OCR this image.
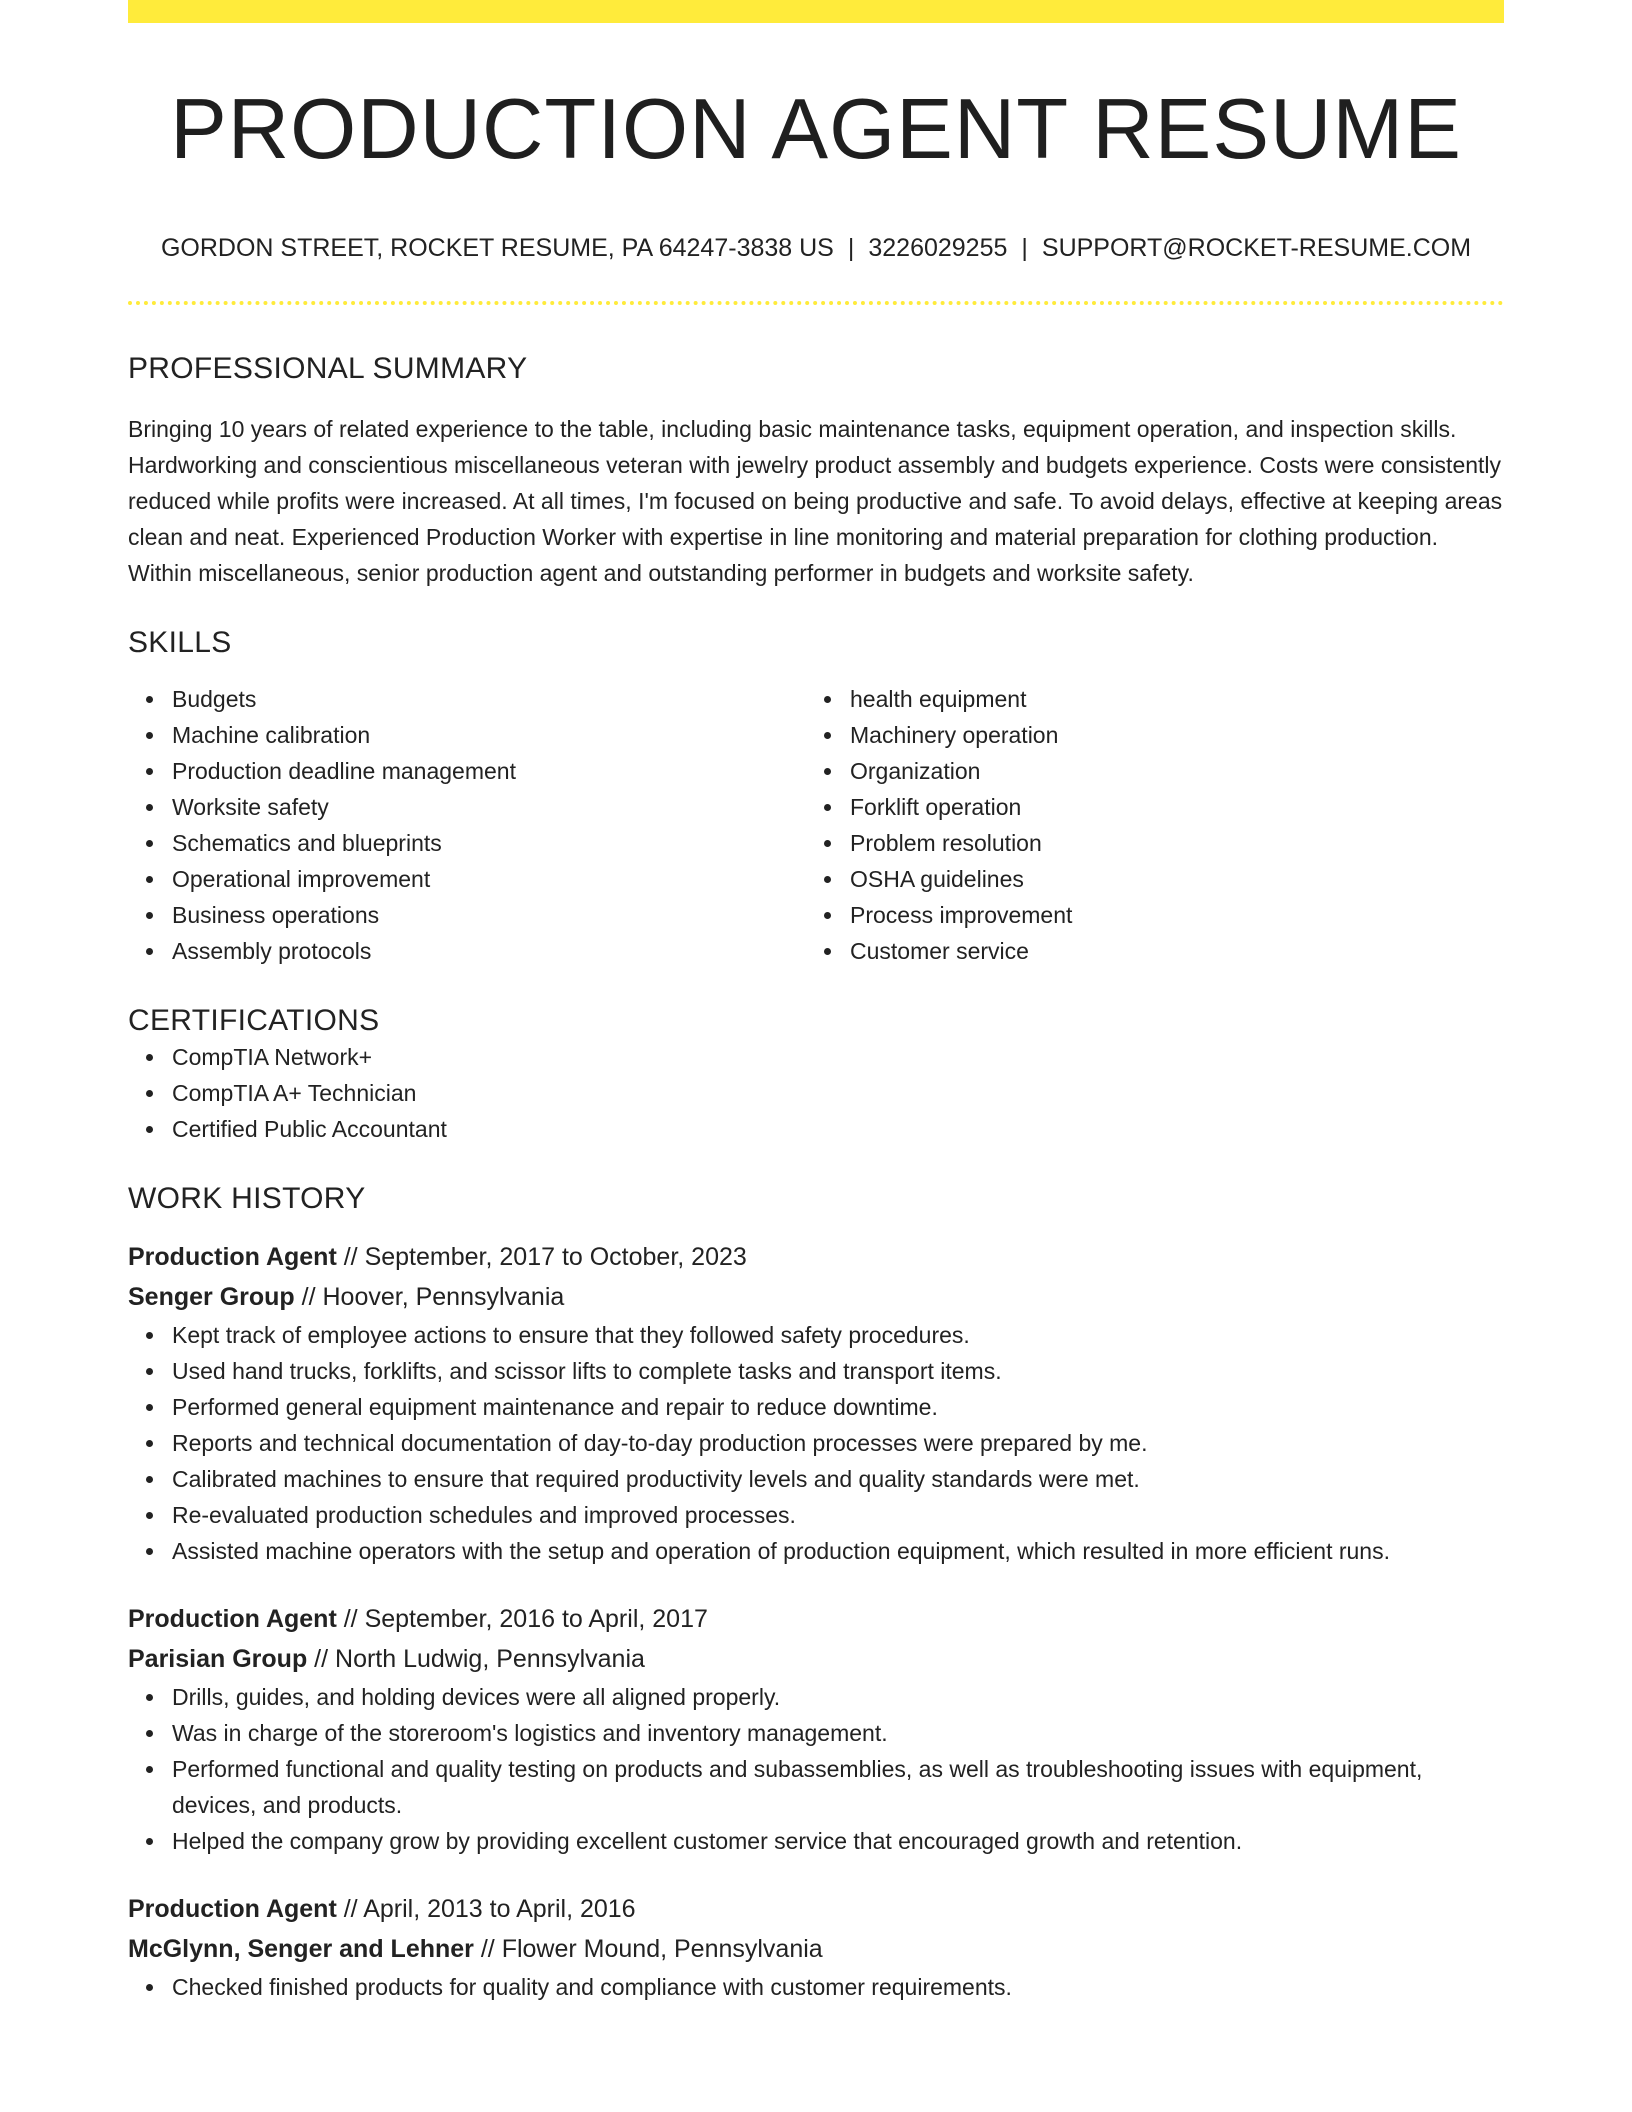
PRODUCTION AGENT RESUME
GORDON STREET, ROCKET RESUME, PA 64247-3838 US | 3226029255 | SUPPORT@ROCKET-RESUME.COM
PROFESSIONAL SUMMARY

Bringing 10 years of related experience to the table, including basic maintenance tasks, equipment operation, and inspection skills. Hardworking and conscientious miscellaneous veteran with jewelry product assembly and budgets experience. Costs were consistently reduced while profits were increased. At all times, I'm focused on being productive and safe. To avoid delays, effective at keeping areas clean and neat. Experienced Production Worker with expertise in line monitoring and material preparation for clothing production. Within miscellaneous, senior production agent and outstanding performer in budgets and worksite safety.

SKILLS
Budgets
Machine calibration
Production deadline management
Worksite safety
Schematics and blueprints
Operational improvement
Business operations
Assembly protocols
health equipment
Machinery operation
Organization
Forklift operation
Problem resolution
OSHA guidelines
Process improvement
Customer service
CERTIFICATIONS
CompTIA Network+
CompTIA A+ Technician
Certified Public Accountant
WORK HISTORY
Production Agent // September, 2017 to October, 2023
Senger Group // Hoover, Pennsylvania
Kept track of employee actions to ensure that they followed safety procedures.
Used hand trucks, forklifts, and scissor lifts to complete tasks and transport items.
Performed general equipment maintenance and repair to reduce downtime.
Reports and technical documentation of day-to-day production processes were prepared by me.
Calibrated machines to ensure that required productivity levels and quality standards were met.
Re-evaluated production schedules and improved processes.
Assisted machine operators with the setup and operation of production equipment, which resulted in more efficient runs.
Production Agent // September, 2016 to April, 2017
Parisian Group // North Ludwig, Pennsylvania
Drills, guides, and holding devices were all aligned properly.
Was in charge of the storeroom's logistics and inventory management.
Performed functional and quality testing on products and subassemblies, as well as troubleshooting issues with equipment, devices, and products.
Helped the company grow by providing excellent customer service that encouraged growth and retention.
Production Agent // April, 2013 to April, 2016
McGlynn, Senger and Lehner // Flower Mound, Pennsylvania
Checked finished products for quality and compliance with customer requirements.
